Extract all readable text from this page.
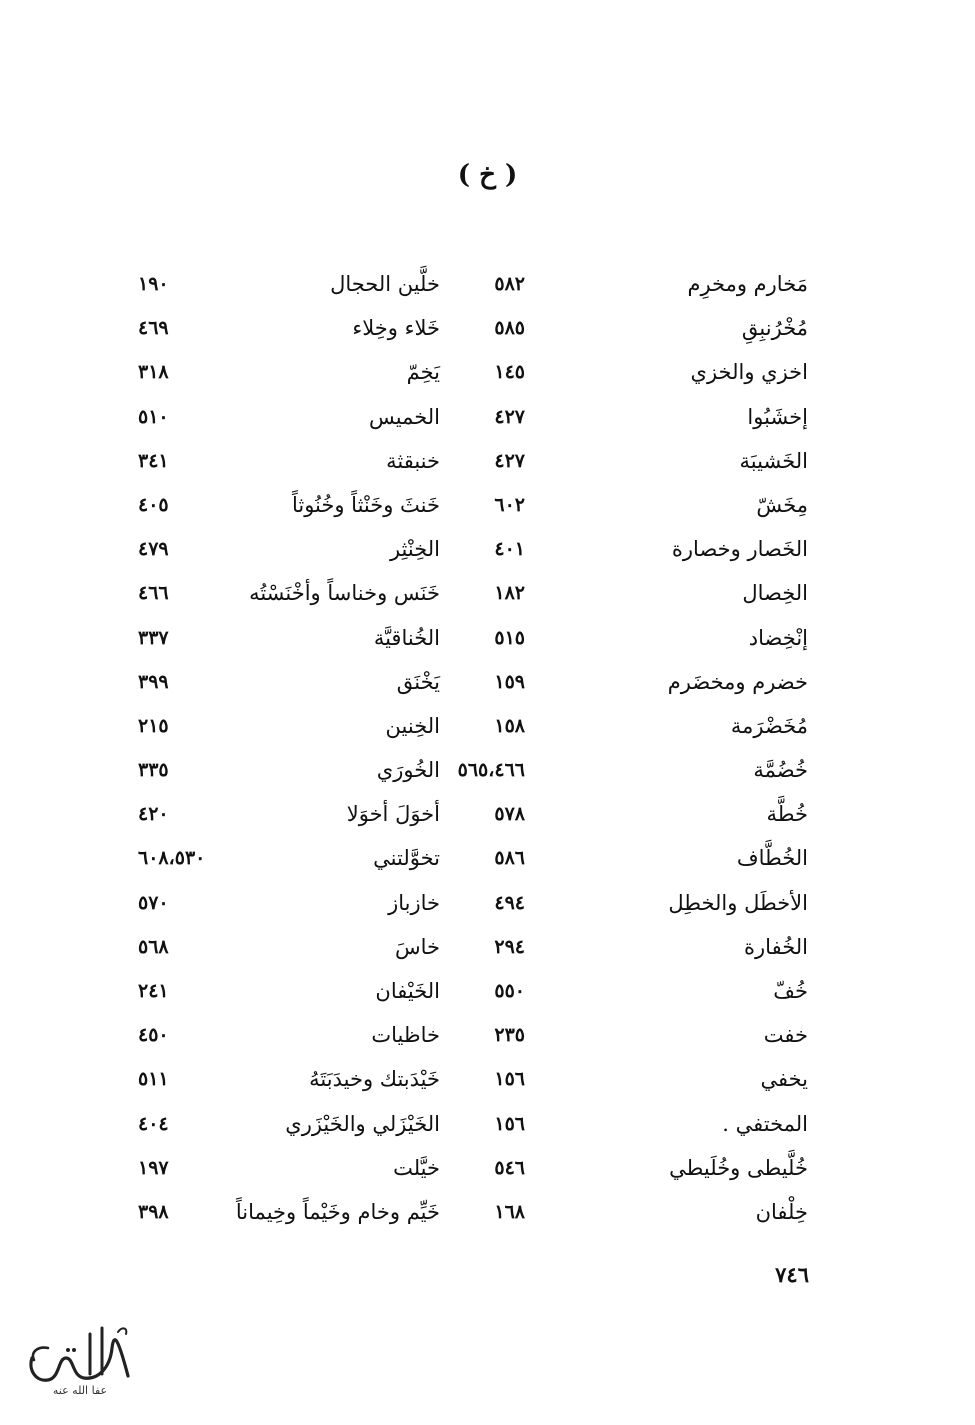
( خ )
مَخارم ومخرِم
٥٨٢
خلَّين الحجال
١٩٠
مُخْرُنبِقِ
٥٨٥
خَلاء وخِلاء
٤٦٩
اخزي والخزي
١٤٥
يَخِمّ
٣١٨
إخشَبُوا
٤٢٧
الخميس
٥١٠
الخَشيبَة
٤٢٧
خنبقثة
٣٤١
مِخَشّ
٦٠٢
خَنثَ وخَنْثاً وخُنُوثاً
٤٠٥
الخَصار وخصارة
٤٠١
الخِنْثِر
٤٧٩
الخِصال
١٨٢
خَنَس وخناساً وأخْنَسْتُه
٤٦٦
إنْخِضاد
٥١٥
الخُناقيَّة
٣٣٧
خضرم ومخضَرم
١٥٩
يَخْنَق
٣٩٩
مُخَضْرَمة
١٥٨
الخِنين
٢١٥
خُضُمَّة
٥٦٥،٤٦٦
الخُورَي
٣٣٥
خُطَّة
٥٧٨
أخوَلَ أخوَلا
٤٢٠
الخُطَّاف
٥٨٦
تخوَّلتني
٦٠٨،٥٣٠
الأخطَل والخطِل
٤٩٤
خازباز
٥٧٠
الخُفارة
٢٩٤
خاسَ
٥٦٨
خُفّ
٥٥٠
الخَيْفان
٢٤١
خفت
٢٣٥
خاظيات
٤٥٠
يخفي
١٥٦
خَيْدَبتك وخيدَبَتَهُ
٥١١
المختفي .
١٥٦
الخَيْزَلي والخَيْزَري
٤٠٤
خُلَّيطى وخُلَيطي
٥٤٦
خيَّلت
١٩٧
خِلْفان
١٦٨
خَيِّم وخام وخَيْماً وخِيماناً
٣٩٨
٧٤٦
عفا الله عنه
